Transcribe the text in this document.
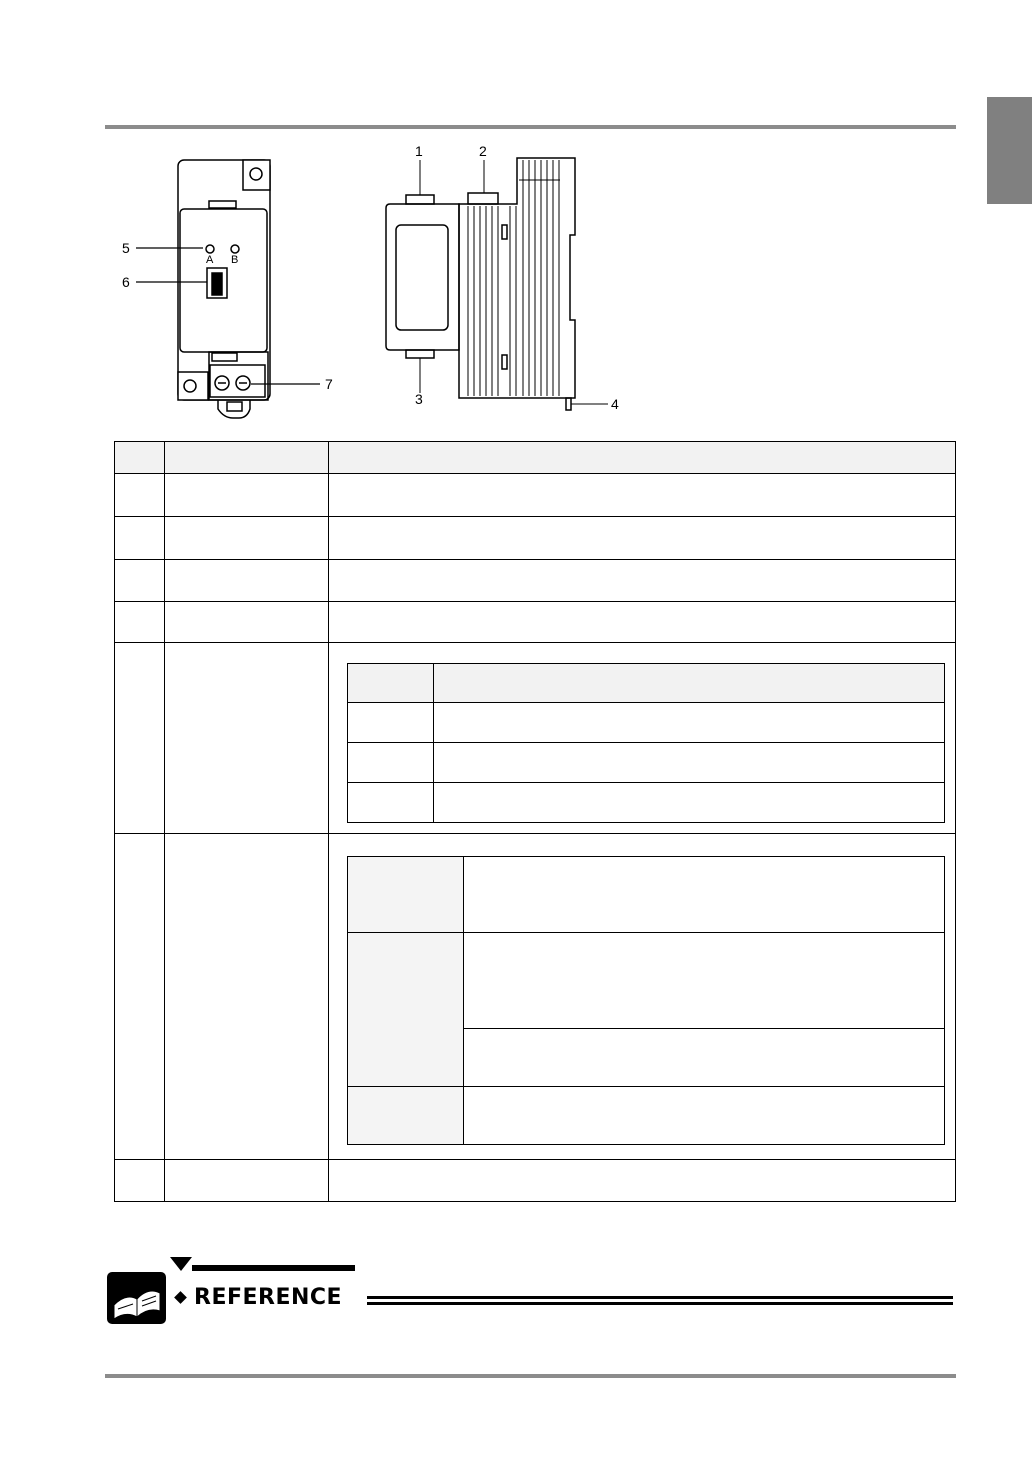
5
6
7
A B
1	2
3	4

REFERENCE
